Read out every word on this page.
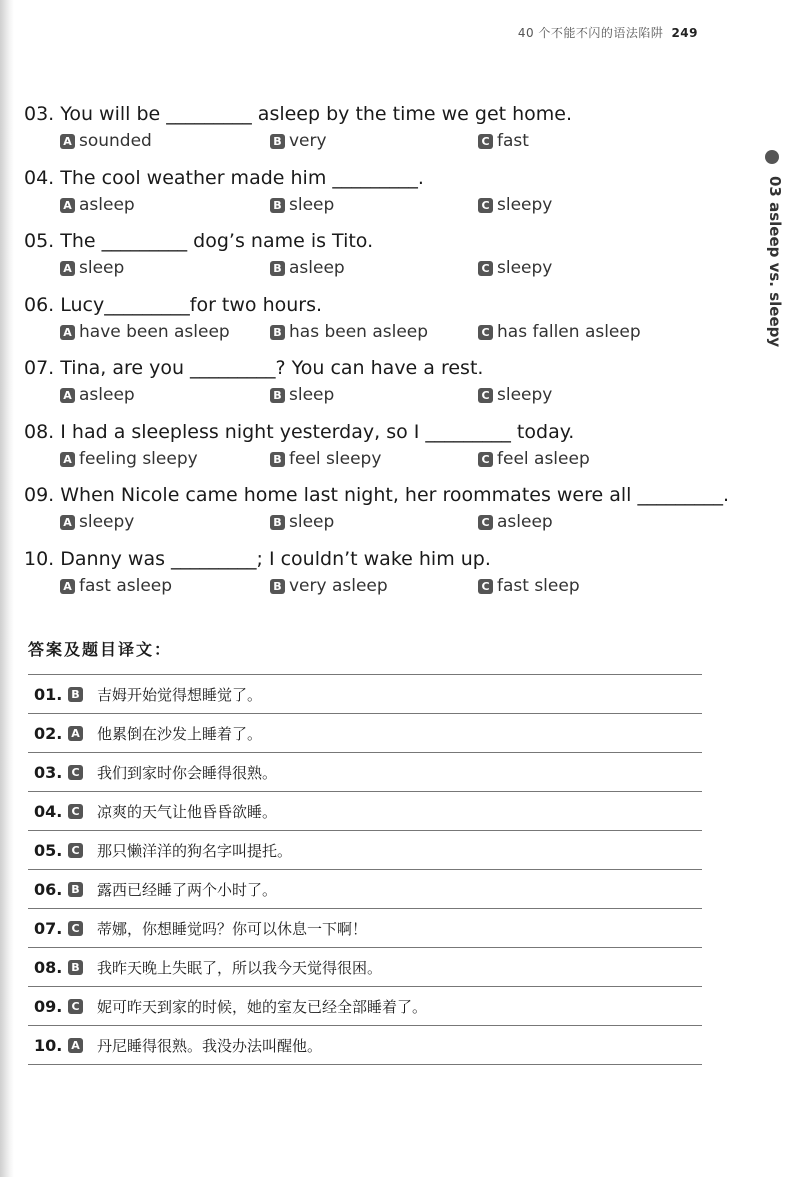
40 个不能不闪的语法陷阱 249
03 asleep vs. sleepy
03. You will be _________ asleep by the time we get home.
A sounded	B very	C fast
04. The cool weather made him _________.
A asleep	B sleep	C sleepy
05. The _________ dog’s name is Tito.
A sleep	B asleep	C sleepy
06. Lucy_________for two hours.
A have been asleep	B has been asleep	C has fallen asleep
07. Tina, are you _________? You can have a rest.
A asleep	B sleep	C sleepy
08. I had a sleepless night yesterday, so I _________ today.
A feeling sleepy	B feel sleepy	C feel asleep
09. When Nicole came home last night, her roommates were all _________.
A sleepy	B sleep	C asleep
10. Danny was _________; I couldn’t wake him up.
A fast asleep	B very asleep	C fast sleep
答案及题目译文：
01. B 吉姆开始觉得想睡觉了。
02. A 他累倒在沙发上睡着了。
03. C 我们到家时你会睡得很熟。
04. C 凉爽的天气让他昏昏欲睡。
05. C 那只懒洋洋的狗名字叫提托。
06. B 露西已经睡了两个小时了。
07. C 蒂娜，你想睡觉吗？你可以休息一下啊！
08. B 我昨天晚上失眠了，所以我今天觉得很困。
09. C 妮可昨天到家的时候，她的室友已经全部睡着了。
10. A 丹尼睡得很熟。我没办法叫醒他。
